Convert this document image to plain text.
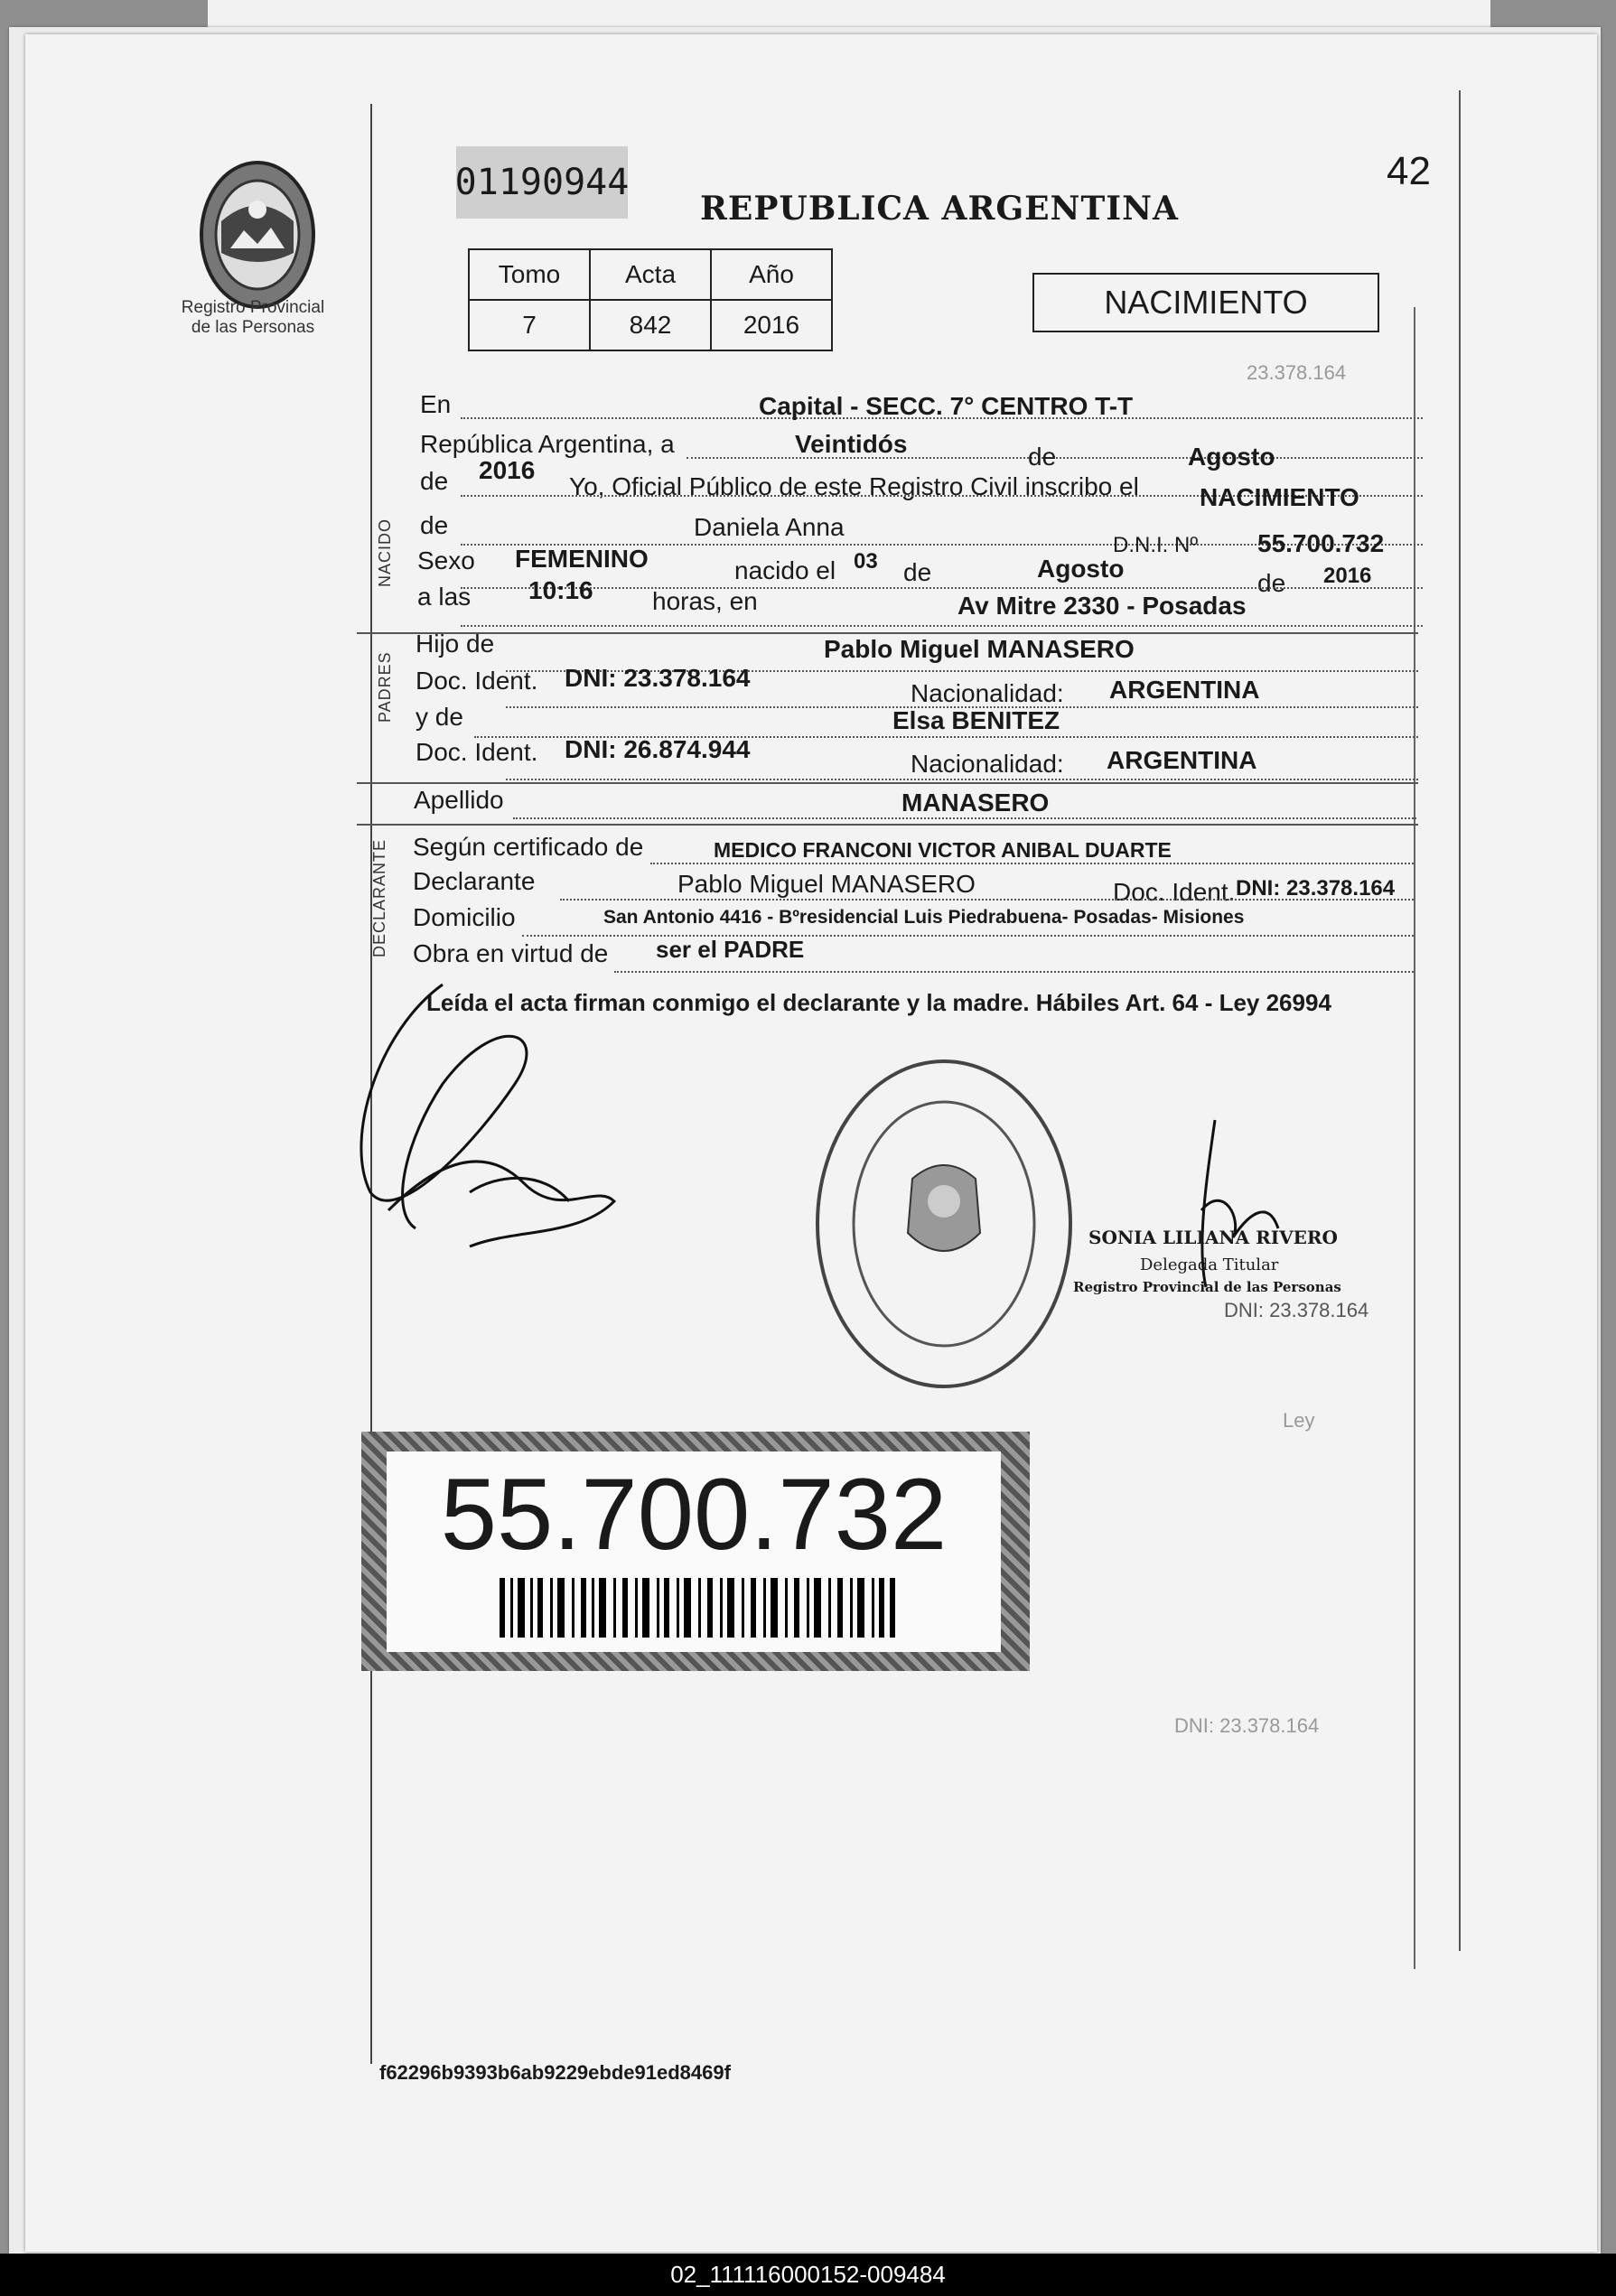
Registro Provincial
de las Personas
01190944	42
REPUBLICA ARGENTINA
Tomo	Acta	Año
7	842	2016
NACIMIENTO
En	Capital - SECC. 7° CENTRO T-T
República Argentina, a	Veintidós	de	Agosto
de 2016
Yo, Oficial Público de este Registro Civil inscribo el NACIMIENTO
NACIDO de	Daniela Anna
D.N.I. Nº 55.700.732
Sexo FEMENINO	nacido el 03 de	Agosto
de 2016
a las 10:16 horas, en	Av Mitre 2330 - Posadas
PADRES
Hijo de	Pablo Miguel MANASERO
Doc. Ident. DNI: 23.378.164
Nacionalidad: ARGENTINA
y de	Elsa BENITEZ
Doc. Ident. DNI: 26.874.944
Nacionalidad: ARGENTINA
Apellido	MANASERO
DECLARANTE Según certificado de	MEDICO FRANCONI VICTOR ANIBAL DUARTE
Declarante	Pablo Miguel MANASERO	Doc. Ident. DNI: 23.378.164
Domicilio	San Antonio 4416 - Bºresidencial Luis Piedrabuena- Posadas- Misiones
Obra en virtud de ser el PADRE
Leída el acta firman conmigo el declarante y la madre. Hábiles Art. 64 - Ley 26994
SONIA LILIANA RIVERO
Delegada Titular
Registro Provincial de las Personas
DNI: 23.378.164
55.700.732
23.378.164
Ley
DNI: 23.378.164
f62296b9393b6ab9229ebde91ed8469f
02_111116000152-009484
